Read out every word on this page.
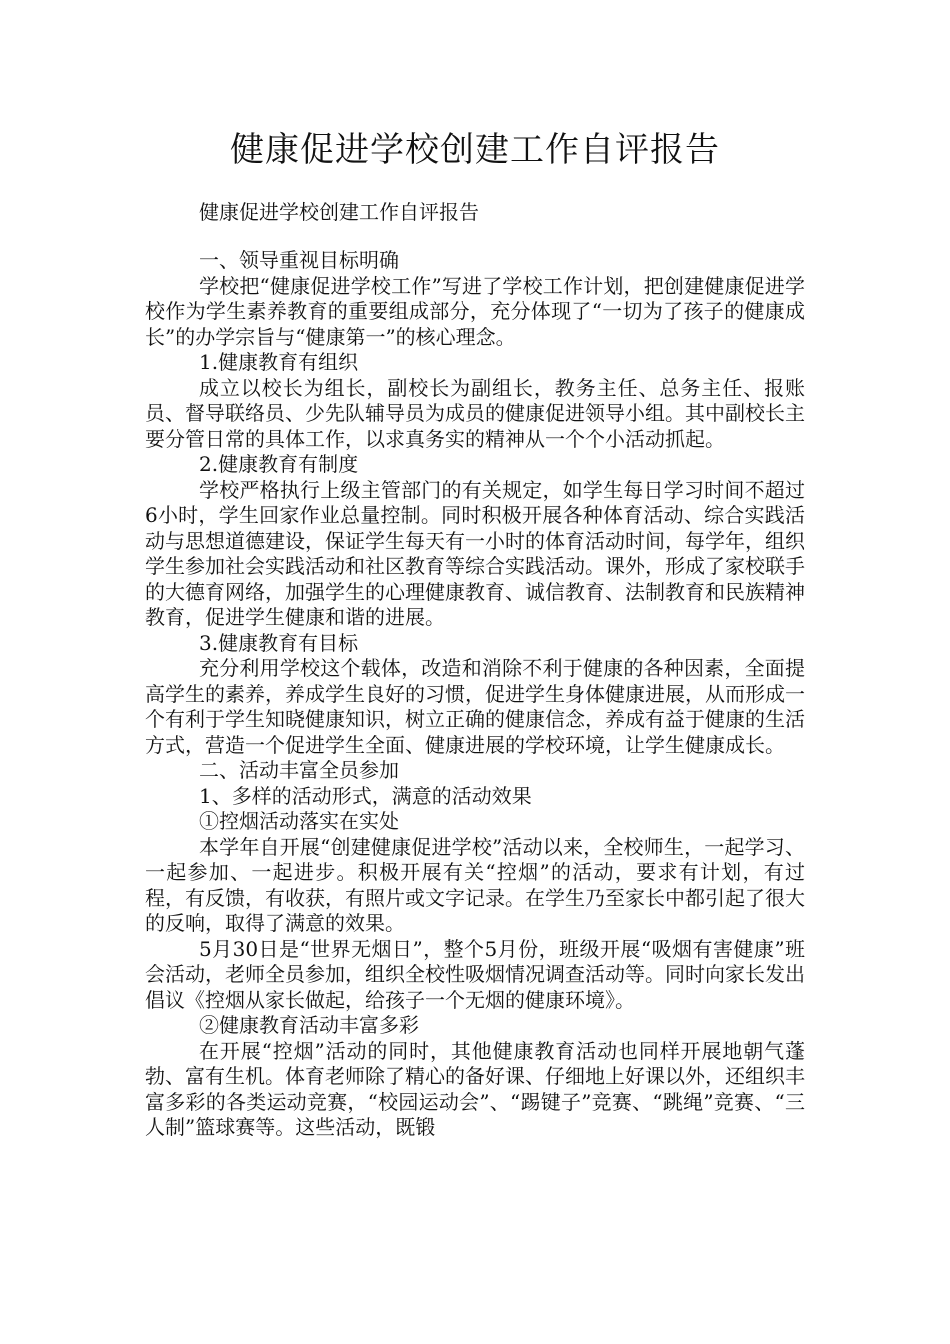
健康促进学校创建工作自评报告

健康促进学校创建工作自评报告

一、领导重视目标明确

学校把“健康促进学校工作”写进了学校工作计划，把创建健康促进学校作为学生素养教育的重要组成部分，充分体现了“一切为了孩子的健康成长”的办学宗旨与“健康第一”的核心理念。

1.健康教育有组织

成立以校长为组长，副校长为副组长，教务主任、总务主任、报账员、督导联络员、少先队辅导员为成员的健康促进领导小组。其中副校长主要分管日常的具体工作，以求真务实的精神从一个个小活动抓起。

2.健康教育有制度

学校严格执行上级主管部门的有关规定，如学生每日学习时间不超过6小时，学生回家作业总量控制。同时积极开展各种体育活动、综合实践活动与思想道德建设，保证学生每天有一小时的体育活动时间，每学年，组织学生参加社会实践活动和社区教育等综合实践活动。课外，形成了家校联手的大德育网络，加强学生的心理健康教育、诚信教育、法制教育和民族精神教育，促进学生健康和谐的进展。

3.健康教育有目标

充分利用学校这个载体，改造和消除不利于健康的各种因素，全面提高学生的素养，养成学生良好的习惯，促进学生身体健康进展，从而形成一个有利于学生知晓健康知识，树立正确的健康信念，养成有益于健康的生活方式，营造一个促进学生全面、健康进展的学校环境，让学生健康成长。

二、活动丰富全员参加

1、多样的活动形式，满意的活动效果

①控烟活动落实在实处

本学年自开展“创建健康促进学校”活动以来，全校师生，一起学习、一起参加、一起进步。积极开展有关“控烟”的活动，要求有计划，有过程，有反馈，有收获，有照片或文字记录。在学生乃至家长中都引起了很大的反响，取得了满意的效果。

5月30日是“世界无烟日”，整个5月份，班级开展“吸烟有害健康”班会活动，老师全员参加，组织全校性吸烟情况调查活动等。同时向家长发出倡议《控烟从家长做起，给孩子一个无烟的健康环境》。

②健康教育活动丰富多彩

在开展“控烟”活动的同时，其他健康教育活动也同样开展地朝气蓬勃、富有生机。体育老师除了精心的备好课、仔细地上好课以外，还组织丰富多彩的各类运动竞赛，“校园运动会”、“踢键子”竞赛、“跳绳”竞赛、“三人制”篮球赛等。这些活动，既锻
